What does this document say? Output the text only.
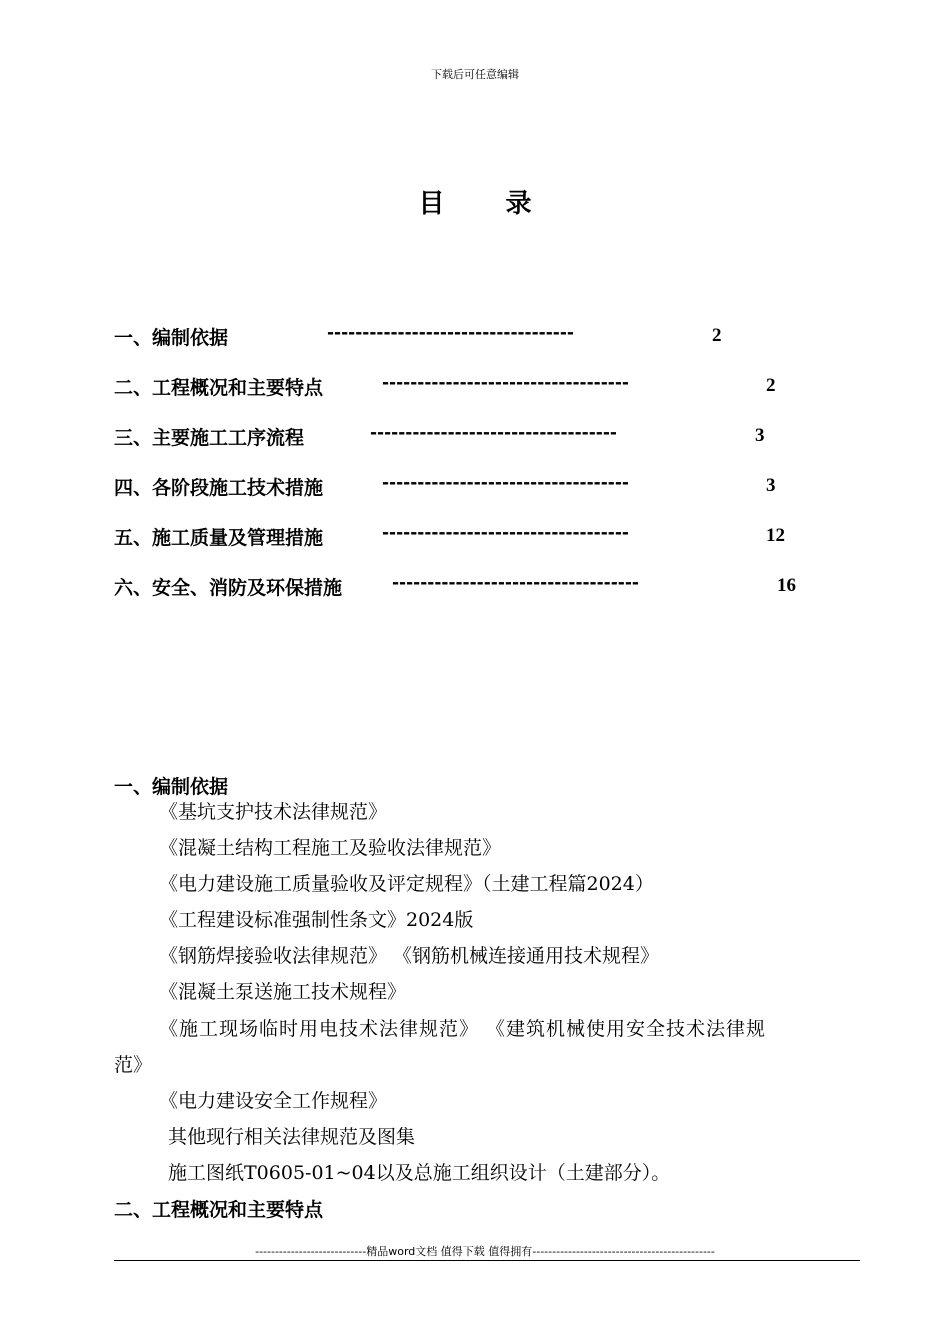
下载后可任意编辑
目 录
一、编制依据	-----------------------------------	2
二、工程概况和主要特点	-----------------------------------	2
三、主要施工工序流程	-----------------------------------	3
四、各阶段施工技术措施	-----------------------------------	3
五、施工质量及管理措施	-----------------------------------	12
六、安全、消防及环保措施	-----------------------------------	16
一、编制依据
《基坑支护技术法律规范》
《混凝土结构工程施工及验收法律规范》
《电力建设施工质量验收及评定规程》（土建工程篇2024）
《工程建设标准强制性条文》2024版
《钢筋焊接验收法律规范》 《钢筋机械连接通用技术规程》
《混凝土泵送施工技术规程》
《施工现场临时用电技术法律规范》 《建筑机械使用安全技术法律规
范》
《电力建设安全工作规程》
其他现行相关法律规范及图集
施工图纸T0605-01~04以及总施工组织设计（土建部分）。
二、工程概况和主要特点
----------------------------精品word文档 值得下载 值得拥有----------------------------------------------
